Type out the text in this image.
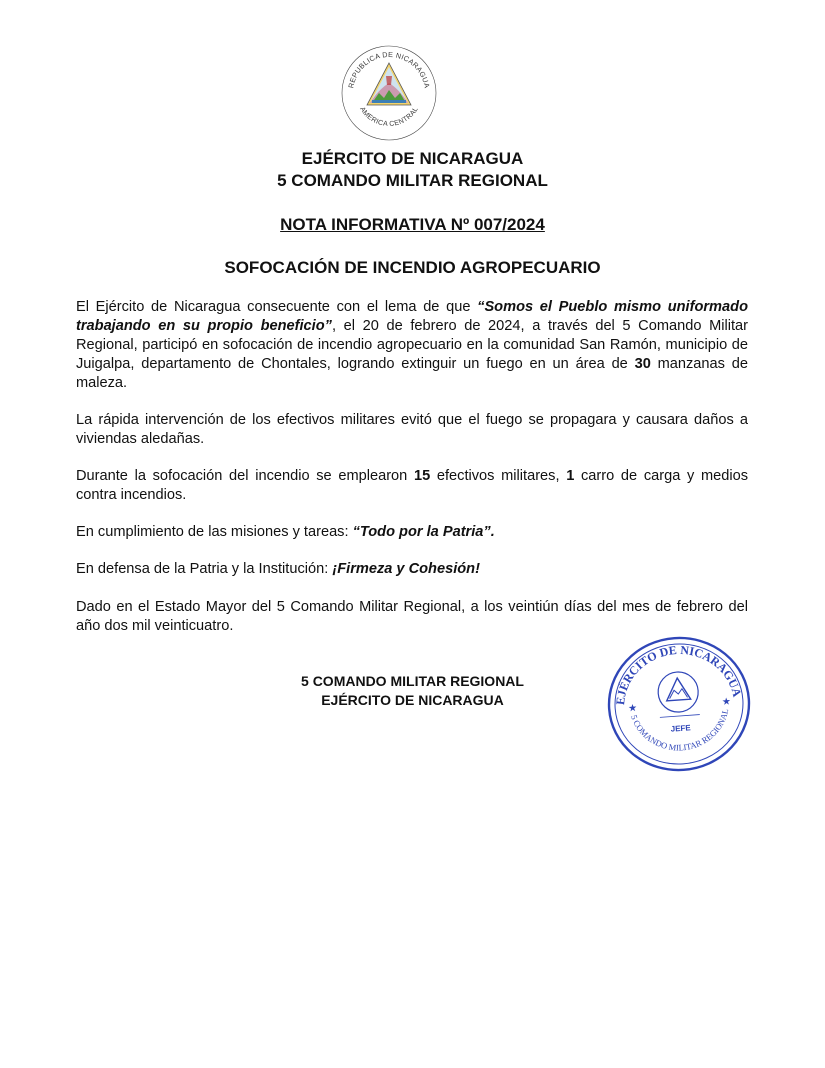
REPUBLICA DE NICARAGUA
AMERICA CENTRAL
EJÉRCITO DE NICARAGUA
5 COMANDO MILITAR REGIONAL
NOTA INFORMATIVA Nº 007/2024
SOFOCACIÓN DE INCENDIO AGROPECUARIO
El Ejército de Nicaragua consecuente con el lema de que “Somos el Pueblo mismo uniformado trabajando en su propio beneficio”, el 20 de febrero de 2024, a través del 5 Comando Militar Regional, participó en sofocación de incendio agropecuario en la comunidad San Ramón, municipio de Juigalpa, departamento de Chontales, logrando extinguir un fuego en un área de 30 manzanas de maleza.
La rápida intervención de los efectivos militares evitó que el fuego se propagara y causara daños a viviendas aledañas.
Durante la sofocación del incendio se emplearon 15 efectivos militares, 1 carro de carga y medios contra incendios.
En cumplimiento de las misiones y tareas: “Todo por la Patria”.
En defensa de la Patria y la Institución: ¡Firmeza y Cohesión!
Dado en el Estado Mayor del 5 Comando Militar Regional, a los veintiún días del mes de febrero del año dos mil veinticuatro.
5 COMANDO MILITAR REGIONAL
EJÉRCITO DE NICARAGUA	EJÉRCITO DE NICARAGUA
5 COMANDO MILITAR REGIONAL
★
★
JEFE
